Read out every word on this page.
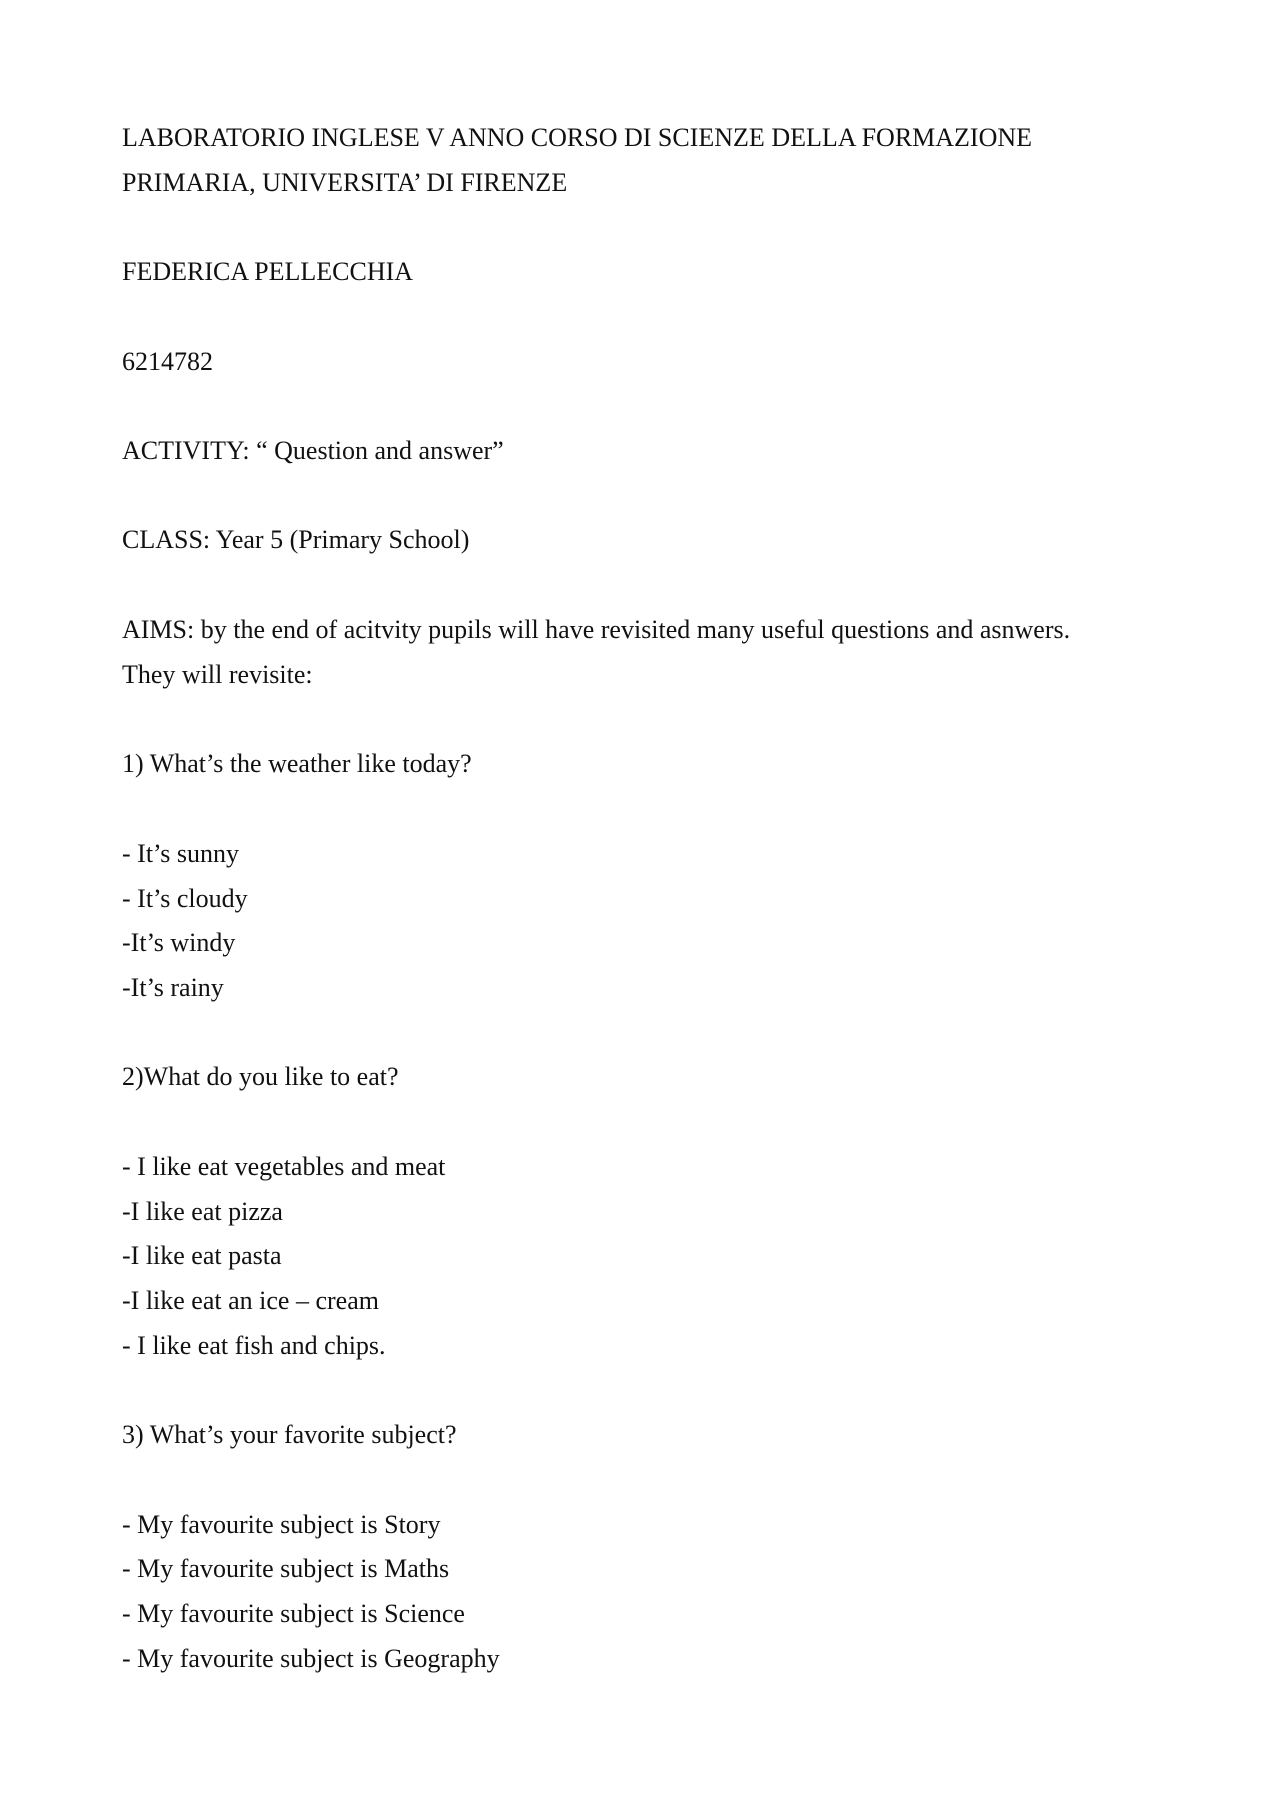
LABORATORIO INGLESE V ANNO CORSO DI SCIENZE DELLA FORMAZIONE
PRIMARIA, UNIVERSITA’ DI FIRENZE
FEDERICA PELLECCHIA
6214782
ACTIVITY: “ Question and answer”
CLASS: Year 5 (Primary School)
AIMS: by the end of acitvity pupils will have revisited many useful questions and asnwers.
They will revisite:
1) What’s the weather like today?
- It’s sunny
- It’s cloudy
-It’s windy
-It’s rainy
2)What do you like to eat?
- I like eat vegetables and meat
-I like eat pizza
-I like eat pasta
-I like eat an ice – cream
- I like eat fish and chips.
3) What’s your favorite subject?
- My favourite subject is Story
- My favourite subject is Maths
- My favourite subject is Science
- My favourite subject is Geography
